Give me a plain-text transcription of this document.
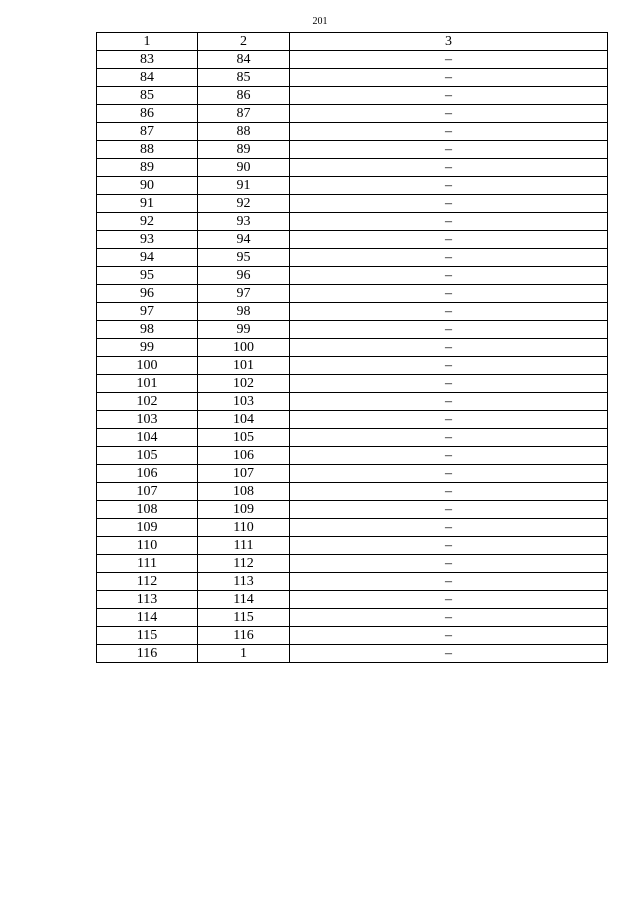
201
1	2	3
83	84	–
84	85	–
85	86	–
86	87	–
87	88	–
88	89	–
89	90	–
90	91	–
91	92	–
92	93	–
93	94	–
94	95	–
95	96	–
96	97	–
97	98	–
98	99	–
99	100	–
100	101	–
101	102	–
102	103	–
103	104	–
104	105	–
105	106	–
106	107	–
107	108	–
108	109	–
109	110	–
110	111	–
111	112	–
112	113	–
113	114	–
114	115	–
115	116	–
116	1	–
